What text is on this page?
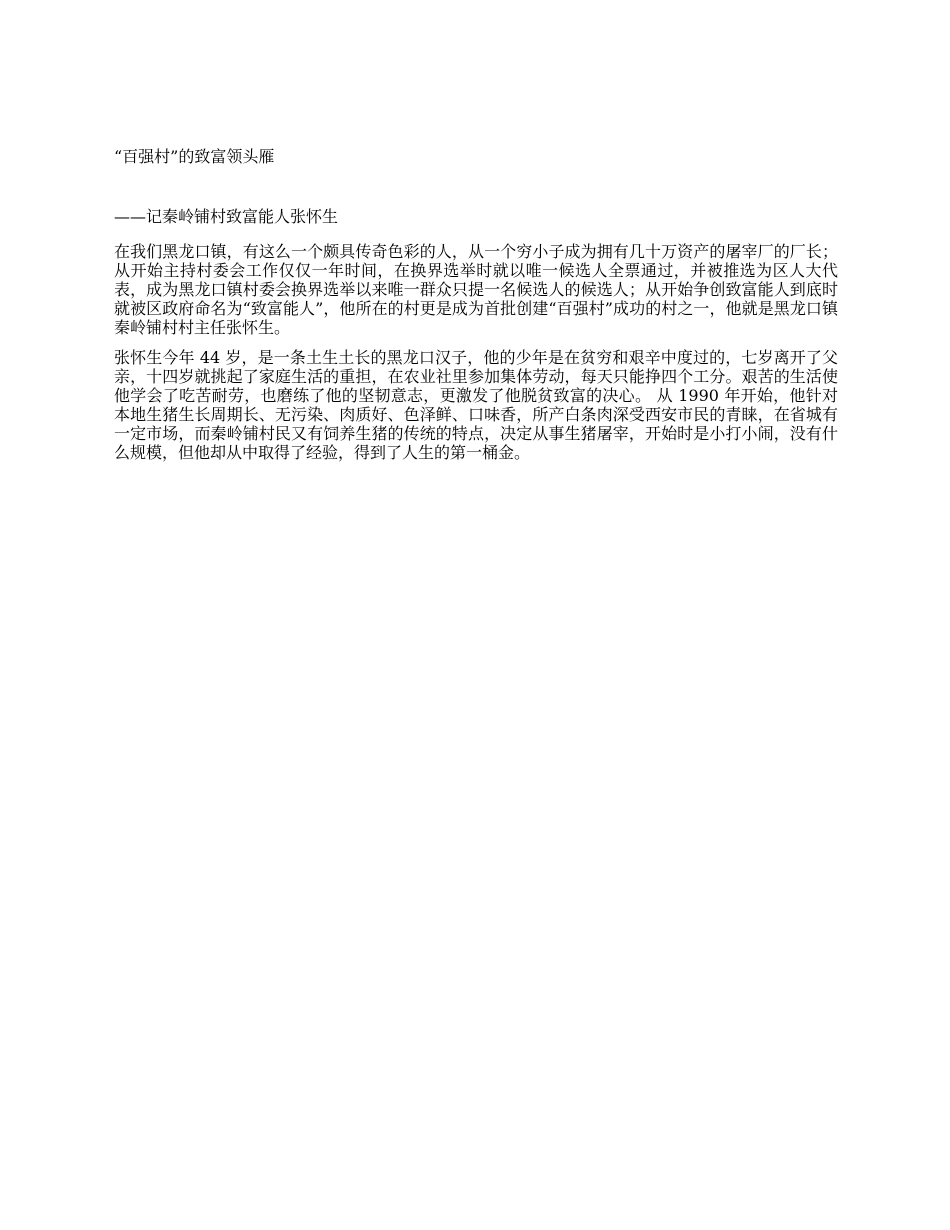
“百强村”的致富领头雁
——记秦岭铺村致富能人张怀生

在我们黑龙口镇，有这么一个颇具传奇色彩的人，从一个穷小子成为拥有几十万资产的屠宰厂的厂长；从开始主持村委会工作仅仅一年时间，在换界选举时就以唯一候选人全票通过，并被推选为区人大代表，成为黑龙口镇村委会换界选举以来唯一群众只提一名候选人的候选人；从开始争创致富能人到底时就被区政府命名为“致富能人”，他所在的村更是成为首批创建“百强村”成功的村之一，他就是黑龙口镇秦岭铺村村主任张怀生。

张怀生今年 44 岁，是一条土生土长的黑龙口汉子，他的少年是在贫穷和艰辛中度过的，七岁离开了父亲，十四岁就挑起了家庭生活的重担，在农业社里参加集体劳动，每天只能挣四个工分。艰苦的生活使他学会了吃苦耐劳，也磨练了他的坚韧意志，更激发了他脱贫致富的决心。 从 1990 年开始，他针对本地生猪生长周期长、无污染、肉质好、色泽鲜、口味香，所产白条肉深受西安市民的青睐，在省城有一定市场，而秦岭铺村民又有饲养生猪的传统的特点，决定从事生猪屠宰，开始时是小打小闹，没有什么规模，但他却从中取得了经验，得到了人生的第一桶金。
